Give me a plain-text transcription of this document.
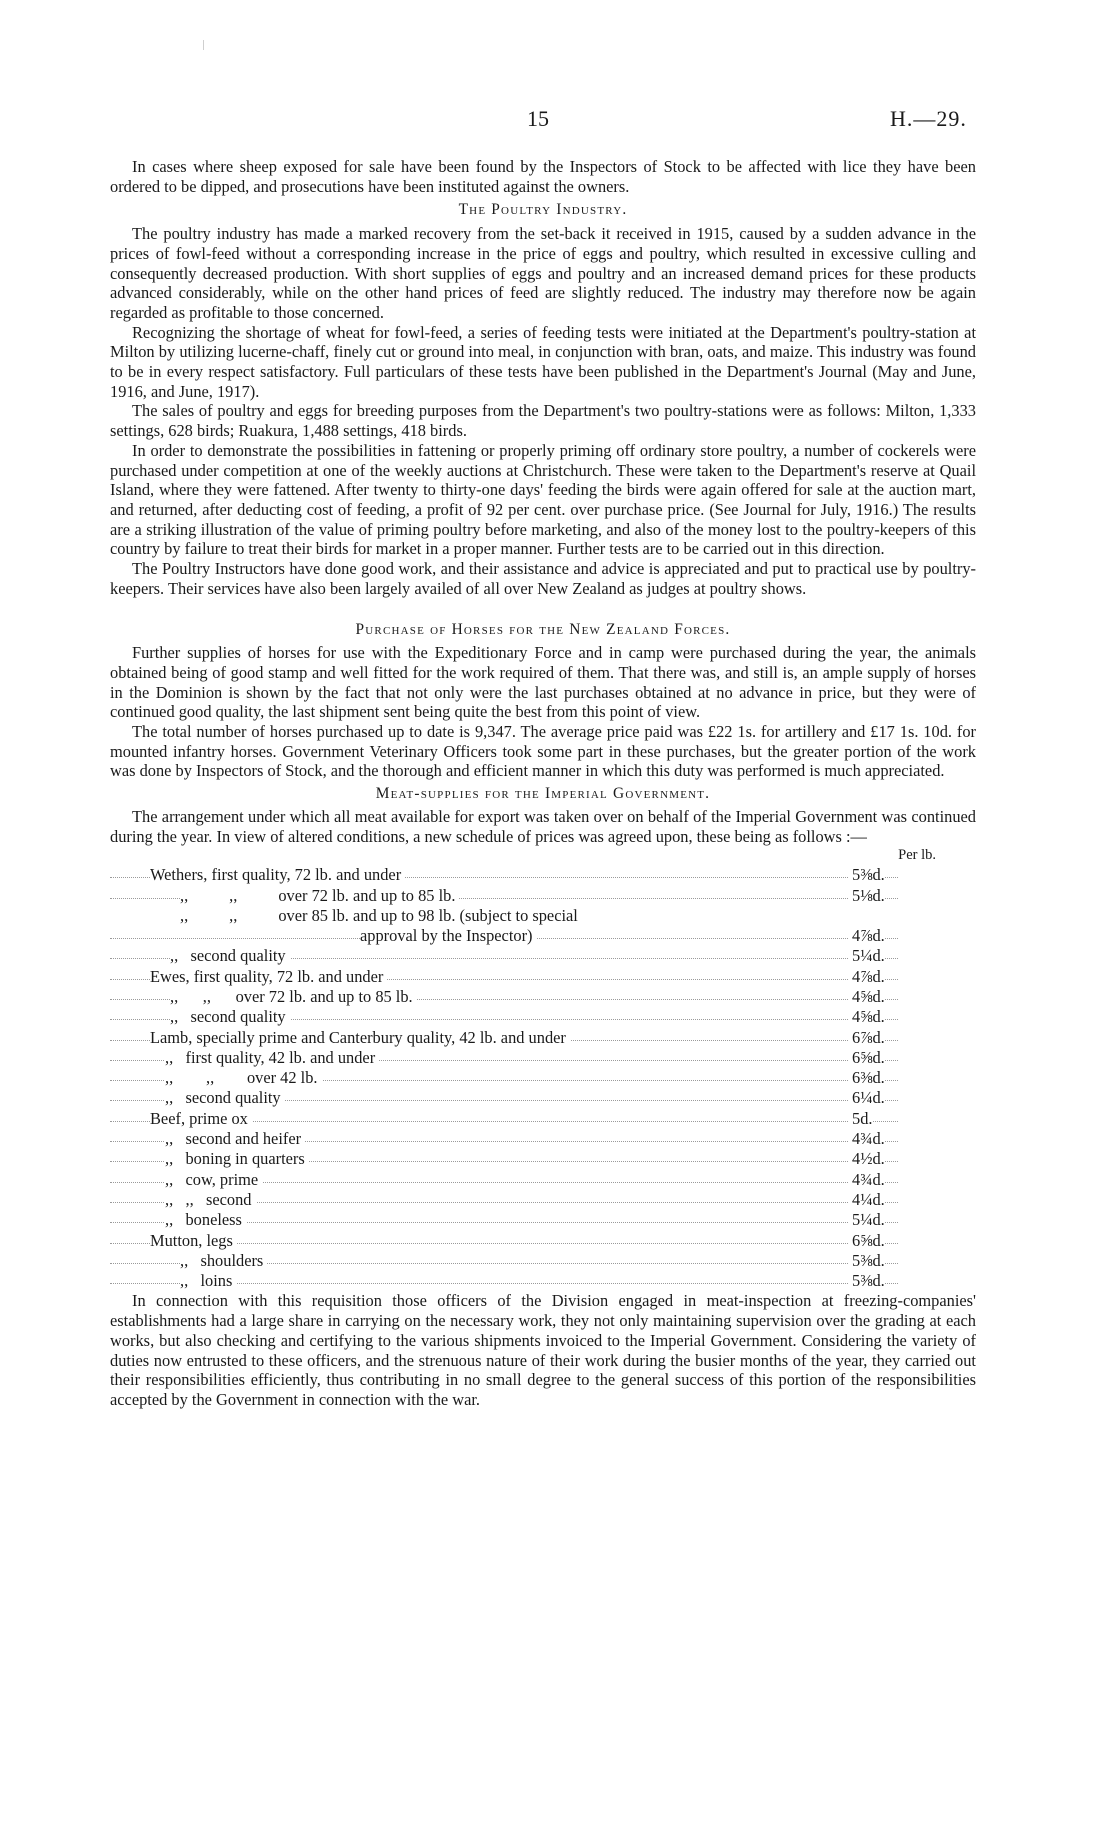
15	H.—29.

In cases where sheep exposed for sale have been found by the Inspectors of Stock to be affected with lice they have been ordered to be dipped, and prosecutions have been instituted against the owners.

The Poultry Industry.

The poultry industry has made a marked recovery from the set-back it received in 1915, caused by a sudden advance in the prices of fowl-feed without a corresponding increase in the price of eggs and poultry, which resulted in excessive culling and consequently decreased production. With short supplies of eggs and poultry and an increased demand prices for these products advanced considerably, while on the other hand prices of feed are slightly reduced. The industry may therefore now be again regarded as profitable to those concerned.

Recognizing the shortage of wheat for fowl-feed, a series of feeding tests were initiated at the Department's poultry-station at Milton by utilizing lucerne-chaff, finely cut or ground into meal, in conjunction with bran, oats, and maize. This industry was found to be in every respect satisfactory. Full particulars of these tests have been published in the Department's Journal (May and June, 1916, and June, 1917).

The sales of poultry and eggs for breeding purposes from the Department's two poultry-stations were as follows: Milton, 1,333 settings, 628 birds; Ruakura, 1,488 settings, 418 birds.

In order to demonstrate the possibilities in fattening or properly priming off ordinary store poultry, a number of cockerels were purchased under competition at one of the weekly auctions at Christchurch. These were taken to the Department's reserve at Quail Island, where they were fattened. After twenty to thirty-one days' feeding the birds were again offered for sale at the auction mart, and returned, after deducting cost of feeding, a profit of 92 per cent. over purchase price. (See Journal for July, 1916.) The results are a striking illustration of the value of priming poultry before marketing, and also of the money lost to the poultry-keepers of this country by failure to treat their birds for market in a proper manner. Further tests are to be carried out in this direction.

The Poultry Instructors have done good work, and their assistance and advice is appreciated and put to practical use by poultry-keepers. Their services have also been largely availed of all over New Zealand as judges at poultry shows.

Purchase of Horses for the New Zealand Forces.

Further supplies of horses for use with the Expeditionary Force and in camp were purchased during the year, the animals obtained being of good stamp and well fitted for the work required of them. That there was, and still is, an ample supply of horses in the Dominion is shown by the fact that not only were the last purchases obtained at no advance in price, but they were of continued good quality, the last shipment sent being quite the best from this point of view.

The total number of horses purchased up to date is 9,347. The average price paid was £22 1s. for artillery and £17 1s. 10d. for mounted infantry horses. Government Veterinary Officers took some part in these purchases, but the greater portion of the work was done by Inspectors of Stock, and the thorough and efficient manner in which this duty was performed is much appreciated.

Meat-supplies for the Imperial Government.

The arrangement under which all meat available for export was taken over on behalf of the Imperial Government was continued during the year. In view of altered conditions, a new schedule of prices was agreed upon, these being as follows :—

Per lb.
Wethers, first quality, 72 lb. and under	5⅜d.
,,          ,,          over 72 lb. and up to 85 lb.	5⅛d.
,,          ,,          over 85 lb. and up to 98 lb. (subject to special
approval by the Inspector)	4⅞d.
,,   second quality	5¼d.
Ewes, first quality, 72 lb. and under	4⅞d.
,,      ,,      over 72 lb. and up to 85 lb.	4⅝d.
,,   second quality	4⅝d.
Lamb, specially prime and Canterbury quality, 42 lb. and under	6⅞d.
,,   first quality, 42 lb. and under	6⅝d.
,,        ,,        over 42 lb.	6⅜d.
,,   second quality	6¼d.
Beef, prime ox	5d.
,,   second and heifer	4¾d.
,,   boning in quarters	4½d.
,,   cow, prime	4¾d.
,,   ,,   second	4¼d.
,,   boneless	5¼d.
Mutton, legs	6⅝d.
,,   shoulders	5⅜d.
,,   loins	5⅜d.

In connection with this requisition those officers of the Division engaged in meat-inspection at freezing-companies' establishments had a large share in carrying on the necessary work, they not only maintaining supervision over the grading at each works, but also checking and certifying to the various shipments invoiced to the Imperial Government. Considering the variety of duties now entrusted to these officers, and the strenuous nature of their work during the busier months of the year, they carried out their responsibilities efficiently, thus contributing in no small degree to the general success of this portion of the responsibilities accepted by the Government in connection with the war.
